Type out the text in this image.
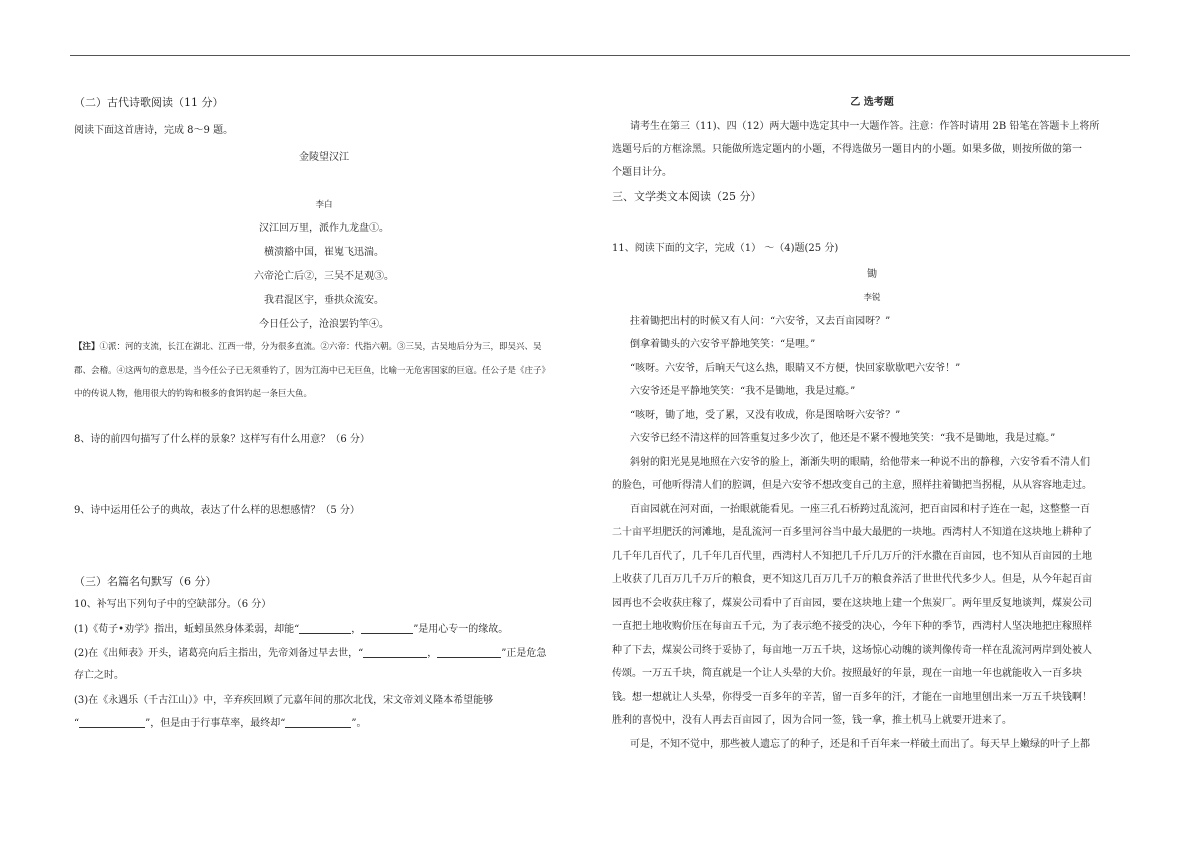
（二）古代诗歌阅读（11 分）
阅读下面这首唐诗，完成 8～9 题。
金陵望汉江
李白
汉江回万里，派作九龙盘①。
横溃豁中国，崔嵬飞迅湍。
六帝沦亡后②，三吴不足观③。
我君混区宇，垂拱众流安。
今日任公子，沧浪罢钓竿④。
【注】①派：河的支流，长江在湖北、江西一带，分为很多直流。②六帝：代指六朝。③三吴，古吴地后分为三，即吴兴、吴
郡、会稽。④这两句的意思是，当今任公子已无须垂钓了，因为江海中已无巨鱼，比喻一无危害国家的巨寇。任公子是《庄子》
中的传说人物，他用很大的钓钩和极多的食饵钓起一条巨大鱼。
8、诗的前四句描写了什么样的景象？这样写有什么用意？（6 分）
9、诗中运用任公子的典故，表达了什么样的思想感情？（5 分）
（三）名篇名句默写（6 分）
10、补写出下列句子中的空缺部分。（6 分）
(1)《荀子•劝学》指出，蚯蚓虽然身体柔弱，却能“	，	”是用心专一的缘故。
(2)在《出师表》开头，诸葛亮向后主指出，先帝刘备过早去世，“	，	”正是危急
存亡之时。
(3)在《永遇乐（千古江山）》中，辛弃疾回顾了元嘉年间的那次北伐，宋文帝刘义隆本希望能够
“	”，但是由于行事草率，最终却“	”。
乙 选考题
请考生在第三（11)、四（12）两大题中选定其中一大题作答。注意：作答时请用 2B 铅笔在答题卡上将所
选题号后的方框涂黑。只能做所选定题内的小题，不得选做另一题目内的小题。如果多做，则按所做的第一
个题目计分。
三、文学类文本阅读（25 分）
11、阅读下面的文字，完成（1） ～（4)题(25 分)
锄
李锐
拄着锄把出村的时候又有人问：“六安爷，又去百亩园呀？”
倒拿着锄头的六安爷平静地笑笑：“是哩。”
“咳呀。六安爷，后晌天气这么热，眼睛又不方便，快回家歇歇吧六安爷！”
六安爷还是平静地笑笑：“我不是锄地，我是过瘾。”
“咳呀，锄了地，受了累，又没有收成，你是图啥呀六安爷？”
六安爷已经不清这样的回答重复过多少次了，他还是不紧不慢地笑笑：“我不是锄地，我是过瘾。”
斜射的阳光晃晃地照在六安爷的脸上，渐渐失明的眼睛，给他带来一种说不出的静穆，六安爷看不清人们
的脸色，可他听得清人们的腔调，但是六安爷不想改变自己的主意，照样拄着锄把当拐棍，从从容容地走过。
百亩园就在河对面，一抬眼就能看见。一座三孔石桥跨过乱流河，把百亩园和村子连在一起，这整整一百
二十亩平坦肥沃的河滩地，是乱流河一百多里河谷当中最大最肥的一块地。西湾村人不知道在这块地上耕种了
几千年几百代了，几千年几百代里，西湾村人不知把几千斤几万斤的汗水撒在百亩园，也不知从百亩园的土地
上收获了几百万几千万斤的粮食，更不知这几百万几千万的粮食养活了世世代代多少人。但是，从今年起百亩
园再也不会收获庄稼了，煤炭公司看中了百亩园，要在这块地上建一个焦炭厂。两年里反复地谈判，煤炭公司
一直把土地收购价压在每亩五千元，为了表示绝不接受的决心，今年下种的季节，西湾村人坚决地把庄稼照样
种了下去，煤炭公司终于妥协了，每亩地一万五千块，这场惊心动魄的谈判像传奇一样在乱流河两岸到处被人
传颂。一万五千块，简直就是一个让人头晕的大价。按照最好的年景，现在一亩地一年也就能收入一百多块
钱。想一想就让人头晕，你得受一百多年的辛苦，留一百多年的汗，才能在一亩地里刨出来一万五千块钱啊！
胜利的喜悦中，没有人再去百亩园了，因为合同一签，钱一拿，推土机马上就要开进来了。
可是，不知不觉中，那些被人遗忘了的种子，还是和千百年来一样破土而出了。每天早上嫩绿的叶子上都
